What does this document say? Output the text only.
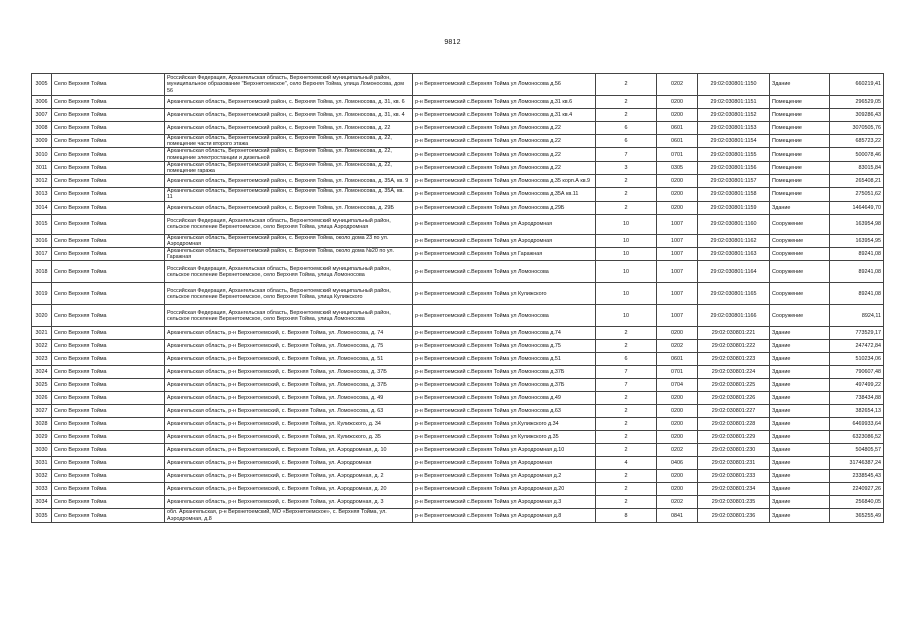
9812
3005	Село Верхняя Тойма	Российская Федерация, Архангельская область, Верхнетоемский муниципальный район, муниципальное образование "Верхнетоемское", село Верхняя Тойма, улица Ломоносова, дом 56	р-н Верхнетоемский с.Верхняя Тойма ул Ломоносова д.56	2	0202	29:02:030801:1150	Здание	660219,41
3006	Село Верхняя Тойма	Архангельская область, Верхнетоемский район, с. Верхняя Тойма, ул. Ломоносова, д. 31, кв. 6	р-н Верхнетоемский с.Верхняя Тойма ул Ломоносова д.31 кв.6	2	0200	29:02:030801:1151	Помещение	296529,05
3007	Село Верхняя Тойма	Архангельская область, Верхнетоемский район, с. Верхняя Тойма, ул. Ломоносова, д. 31, кв. 4	р-н Верхнетоемский с.Верхняя Тойма ул Ломоносова д.31 кв.4	2	0200	29:02:030801:1152	Помещение	309286,43
3008	Село Верхняя Тойма	Архангельская область, Верхнетоемский район, с. Верхняя Тойма, ул. Ломоносова, д. 22	р-н Верхнетоемский с.Верхняя Тойма ул Ломоносова д.22	6	0601	29:02:030801:1153	Помещение	3070505,76
3009	Село Верхняя Тойма	Архангельская область, Верхнетоемский район, с. Верхняя Тойма, ул. Ломоносова, д. 22, помещение части второго этажа	р-н Верхнетоемский с.Верхняя Тойма ул Ломоносова д.22	6	0601	29:02:030801:1154	Помещение	685723,22
3010	Село Верхняя Тойма	Архангельская область, Верхнетоемский район, с. Верхняя Тойма, ул. Ломоносова, д. 22, помещение электростанции и дизельной	р-н Верхнетоемский с.Верхняя Тойма ул Ломоносова д.22	7	0701	29:02:030801:1155	Помещение	500078,46
3011	Село Верхняя Тойма	Архангельская область, Верхнетоемский район, с. Верхняя Тойма, ул. Ломоносова, д. 22, помещение гаража	р-н Верхнетоемский с.Верхняя Тойма ул Ломоносова д.22	3	0305	29:02:030801:1156	Помещение	83015,84
3012	Село Верхняя Тойма	Архангельская область, Верхнетоемский район, с. Верхняя Тойма, ул. Ломоносова, д. 35А, кв. 9	р-н Верхнетоемский с.Верхняя Тойма ул Ломоносова д.35 корп.А кв.9	2	0200	29:02:030801:1157	Помещение	265408,21
3013	Село Верхняя Тойма	Архангельская область, Верхнетоемский район, с. Верхняя Тойма, ул. Ломоносова, д. 35А, кв. 11	р-н Верхнетоемский с.Верхняя Тойма ул Ломоносова д.35А кв.11	2	0200	29:02:030801:1158	Помещение	275051,62
3014	Село Верхняя Тойма	Архангельская область, Верхнетоемский район, с. Верхняя Тойма, ул. Ломоносова, д. 29Б	р-н Верхнетоемский с.Верхняя Тойма ул Ломоносова д.29Б	2	0200	29:02:030801:1159	Здание	1464649,70
3015	Село Верхняя Тойма	Российская Федерация, Архангельская область, Верхнетоемский муниципальный район, сельское поселение Верхнетоемское, село Верхняя Тойма, улица Аэродромная	р-н Верхнетоемский с.Верхняя Тойма ул Аэродромная	10	1007	29:02:030801:1160	Сооружение	163954,98
3016	Село Верхняя Тойма	Архангельская область, Верхнетоемский район, с. Верхняя Тойма, около дома 23 по ул. Аэродромная	р-н Верхнетоемский с.Верхняя Тойма ул Аэродромная	10	1007	29:02:030801:1162	Сооружение	163954,95
3017	Село Верхняя Тойма	Архангельская область, Верхнетоемский район, с. Верхняя Тойма, около дома №20 по ул. Гаражная	р-н Верхнетоемский с.Верхняя Тойма ул Гаражная	10	1007	29:02:030801:1163	Сооружение	89241,08
3018	Село Верхняя Тойма	Российская Федерация, Архангельская область, Верхнетоемский муниципальный район, сельское поселение Верхнетоемское, село Верхняя Тойма, улица Ломоносова	р-н Верхнетоемский с.Верхняя Тойма ул Ломоносова	10	1007	29:02:030801:1164	Сооружение	89241,08
3019	Село Верхняя Тойма	Российская Федерация, Архангельская область, Верхнетоемский муниципальный район, сельское поселение Верхнетоемское, село Верхняя Тойма, улица Кулижского	р-н Верхнетоемский с.Верхняя Тойма ул Кулижского	10	1007	29:02:030801:1165	Сооружение	89241,08
3020	Село Верхняя Тойма	Российская Федерация, Архангельская область, Верхнетоемский муниципальный район, сельское поселение Верхнетоемское, село Верхняя Тойма, улица Ломоносова	р-н Верхнетоемский с.Верхняя Тойма ул Ломоносова	10	1007	29:02:030801:1166	Сооружение	8924,11
3021	Село Верхняя Тойма	Архангельская область, р-н Верхнетоемский, с. Верхняя Тойма, ул. Ломоносова, д. 74	р-н Верхнетоемский с.Верхняя Тойма ул Ломоносова д.74	2	0200	29:02:030801:221	Здание	773529,17
3022	Село Верхняя Тойма	Архангельская область, р-н Верхнетоемский, с. Верхняя Тойма, ул. Ломоносова, д. 75	р-н Верхнетоемский с.Верхняя Тойма ул Ломоносова д.75	2	0202	29:02:030801:222	Здание	247472,84
3023	Село Верхняя Тойма	Архангельская область, р-н Верхнетоемский, с. Верхняя Тойма, ул. Ломоносова, д. 51	р-н Верхнетоемский с.Верхняя Тойма ул Ломоносова д.51	6	0601	29:02:030801:223	Здание	510234,06
3024	Село Верхняя Тойма	Архангельская область, р-н Верхнетоемский, с. Верхняя Тойма, ул. Ломоносова, д. 37Б	р-н Верхнетоемский с.Верхняя Тойма ул Ломоносова д.37Б	7	0701	29:02:030801:224	Здание	790607,48
3025	Село Верхняя Тойма	Архангельская область, р-н Верхнетоемский, с. Верхняя Тойма, ул. Ломоносова, д. 37Б	р-н Верхнетоемский с.Верхняя Тойма ул Ломоносова д.37Б	7	0704	29:02:030801:225	Здание	497499,22
3026	Село Верхняя Тойма	Архангельская область, р-н Верхнетоемский, с. Верхняя Тойма, ул. Ломоносова, д. 49	р-н Верхнетоемский с.Верхняя Тойма ул Ломоносова д.49	2	0200	29:02:030801:226	Здание	738434,88
3027	Село Верхняя Тойма	Архангельская область, р-н Верхнетоемский, с. Верхняя Тойма, ул. Ломоносова, д. 63	р-н Верхнетоемский с.Верхняя Тойма ул Ломоносова д.63	2	0200	29:02:030801:227	Здание	382654,13
3028	Село Верхняя Тойма	Архангельская область, р-н Верхнетоемский, с. Верхняя Тойма, ул. Кулижского, д. 34	р-н Верхнетоемский с.Верхняя Тойма ул.Кулижского д.34	2	0200	29:02:030801:228	Здание	6469933,64
3029	Село Верхняя Тойма	Архангельская область, р-н Верхнетоемский, с. Верхняя Тойма, ул. Кулижского, д. 35	р-н Верхнетоемский с.Верхняя Тойма ул Кулижского д.35	2	0200	29:02:030801:229	Здание	6323086,52
3030	Село Верхняя Тойма	Архангельская область, р-н Верхнетоемский, с. Верхняя Тойма, ул. Аэродромная, д. 10	р-н Верхнетоемский с.Верхняя Тойма ул Аэродромная д.10	2	0202	29:02:030801:230	Здание	504805,57
3031	Село Верхняя Тойма	Архангельская область, р-н Верхнетоемский, с. Верхняя Тойма, ул. Аэродромная	р-н Верхнетоемский с.Верхняя Тойма ул Аэродромная	4	0406	29:02:030801:231	Здание	31746387,24
3032	Село Верхняя Тойма	Архангельская область, р-н Верхнетоемский, с. Верхняя Тойма, ул. Аэродромная, д. 2	р-н Верхнетоемский с.Верхняя Тойма ул Аэродромная д.2	2	0200	29:02:030801:233	Здание	2338545,43
3033	Село Верхняя Тойма	Архангельская область, р-н Верхнетоемский, с. Верхняя Тойма, ул. Аэродромная, д. 20	р-н Верхнетоемский с.Верхняя Тойма ул Аэродромная д.20	2	0200	29:02:030801:234	Здание	2240927,26
3034	Село Верхняя Тойма	Архангельская область, р-н Верхнетоемский, с. Верхняя Тойма, ул. Аэродромная, д. 3	р-н Верхнетоемский с.Верхняя Тойма ул Аэродромная д.3	2	0202	29:02:030801:235	Здание	256840,05
3035	Село Верхняя Тойма	обл. Архангельская, р-н Верхнетоемский, МО «Верхнетоемское», с. Верхняя Тойма, ул. Аэродромная, д.8	р-н Верхнетоемский с.Верхняя Тойма ул Аэродромная д.8	8	0841	29:02:030801:236	Здание	365255,49
